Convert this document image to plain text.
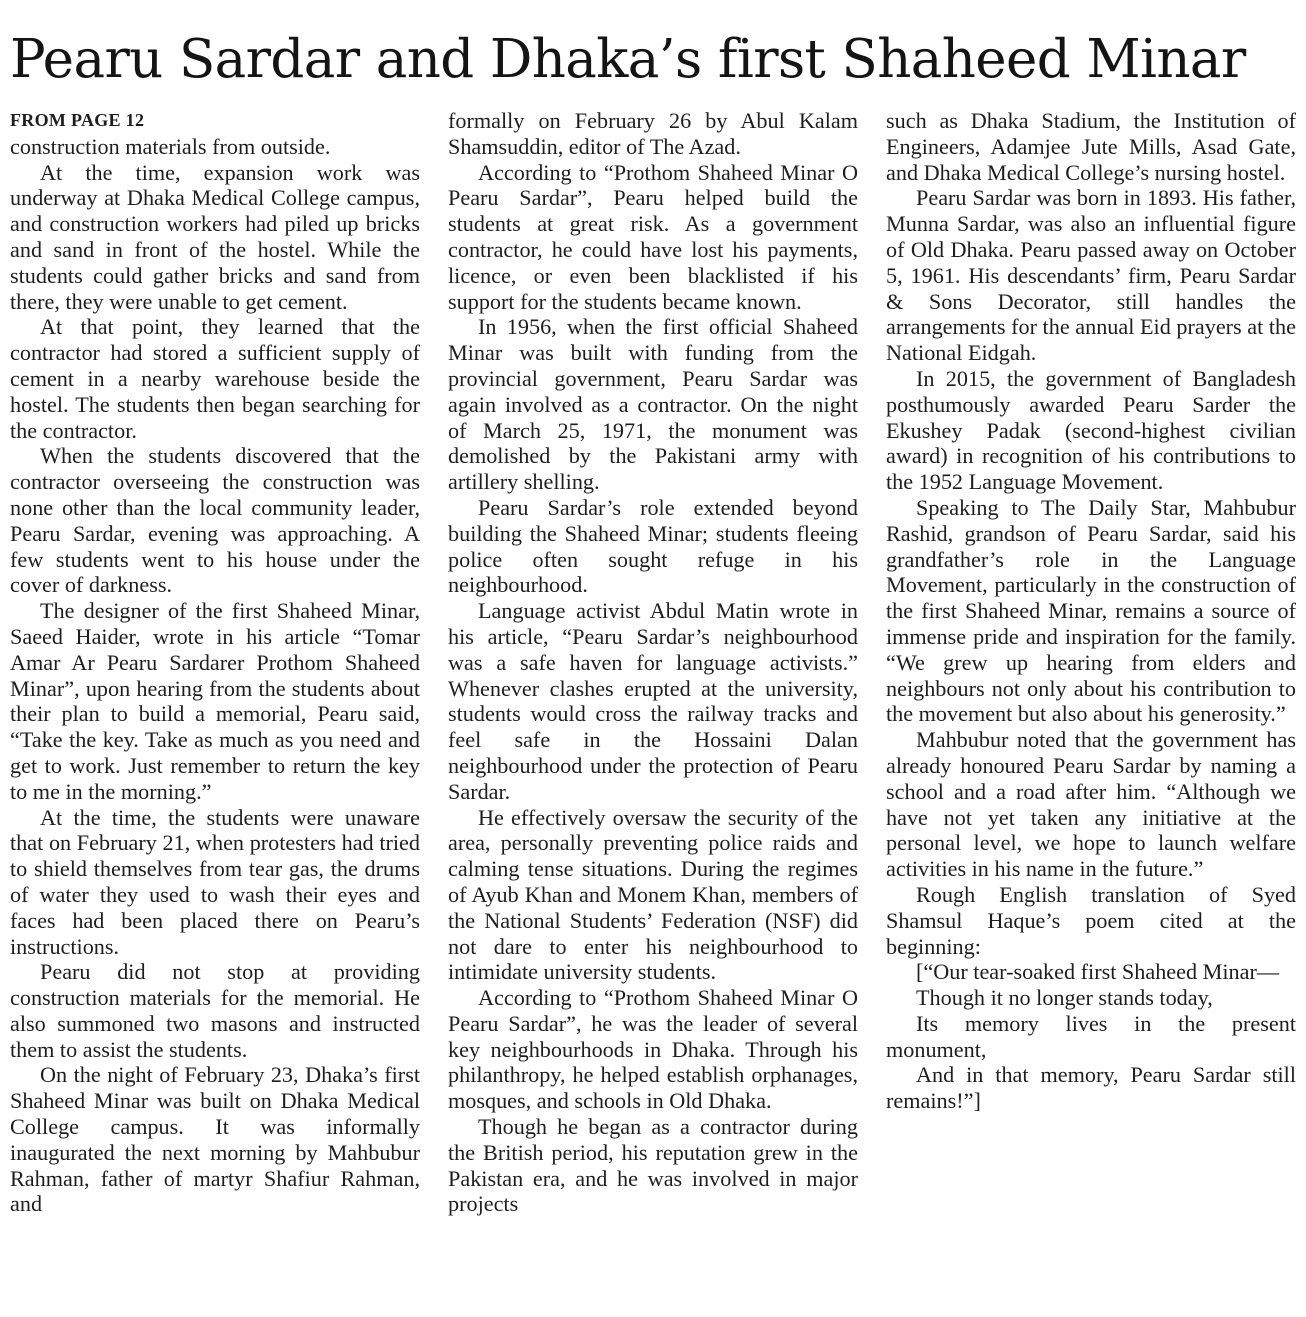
Pearu Sardar and Dhaka’s first Shaheed Minar
FROM PAGE 12

construction materials from outside.

At the time, expansion work was underway at Dhaka Medical College campus, and construction workers had piled up bricks and sand in front of the hostel. While the students could gather bricks and sand from there, they were unable to get cement.

At that point, they learned that the contractor had stored a sufficient supply of cement in a nearby warehouse beside the hostel. The students then began searching for the contractor.

When the students discovered that the contractor overseeing the construction was none other than the local community leader, Pearu Sardar, evening was approaching. A few students went to his house under the cover of darkness.

The designer of the first Shaheed Minar, Saeed Haider, wrote in his article “Tomar Amar Ar Pearu Sardarer Prothom Shaheed Minar”, upon hearing from the students about their plan to build a memorial, Pearu said, “Take the key. Take as much as you need and get to work. Just remember to return the key to me in the morning.”

At the time, the students were unaware that on February 21, when protesters had tried to shield themselves from tear gas, the drums of water they used to wash their eyes and faces had been placed there on Pearu’s instructions.

Pearu did not stop at providing construction materials for the memorial. He also summoned two masons and instructed them to assist the students.

On the night of February 23, Dhaka’s first Shaheed Minar was built on Dhaka Medical College campus. It was informally inaugurated the next morning by Mahbubur Rahman, father of martyr Shafiur Rahman, and

formally on February 26 by Abul Kalam Shamsuddin, editor of The Azad.

According to “Prothom Shaheed Minar O Pearu Sardar”, Pearu helped build the students at great risk. As a government contractor, he could have lost his payments, licence, or even been blacklisted if his support for the students became known.

In 1956, when the first official Shaheed Minar was built with funding from the provincial government, Pearu Sardar was again involved as a contractor. On the night of March 25, 1971, the monument was demolished by the Pakistani army with artillery shelling.

Pearu Sardar’s role extended beyond building the Shaheed Minar; students fleeing police often sought refuge in his neighbourhood.

Language activist Abdul Matin wrote in his article, “Pearu Sardar’s neighbourhood was a safe haven for language activists.” Whenever clashes erupted at the university, students would cross the railway tracks and feel safe in the Hossaini Dalan neighbourhood under the protection of Pearu Sardar.

He effectively oversaw the security of the area, personally preventing police raids and calming tense situations. During the regimes of Ayub Khan and Monem Khan, members of the National Students’ Federation (NSF) did not dare to enter his neighbourhood to intimidate university students.

According to “Prothom Shaheed Minar O Pearu Sardar”, he was the leader of several key neighbourhoods in Dhaka. Through his philanthropy, he helped establish orphanages, mosques, and schools in Old Dhaka.

Though he began as a contractor during the British period, his reputation grew in the Pakistan era, and he was involved in major projects

such as Dhaka Stadium, the Institution of Engineers, Adamjee Jute Mills, Asad Gate, and Dhaka Medical College’s nursing hostel.

Pearu Sardar was born in 1893. His father, Munna Sardar, was also an influential figure of Old Dhaka. Pearu passed away on October 5, 1961. His descendants’ firm, Pearu Sardar & Sons Decorator, still handles the arrangements for the annual Eid prayers at the National Eidgah.

In 2015, the government of Bangladesh posthumously awarded Pearu Sarder the Ekushey Padak (second-highest civilian award) in recognition of his contributions to the 1952 Language Movement.

Speaking to The Daily Star, Mahbubur Rashid, grandson of Pearu Sardar, said his grandfather’s role in the Language Movement, particularly in the construction of the first Shaheed Minar, remains a source of immense pride and inspiration for the family. “We grew up hearing from elders and neighbours not only about his contribution to the movement but also about his generosity.”

Mahbubur noted that the government has already honoured Pearu Sardar by naming a school and a road after him. “Although we have not yet taken any initiative at the personal level, we hope to launch welfare activities in his name in the future.”

Rough English translation of Syed Shamsul Haque’s poem cited at the beginning:

[“Our tear-soaked first Shaheed Minar—

Though it no longer stands today,

Its memory lives in the present monument,

And in that memory, Pearu Sardar still remains!”]
